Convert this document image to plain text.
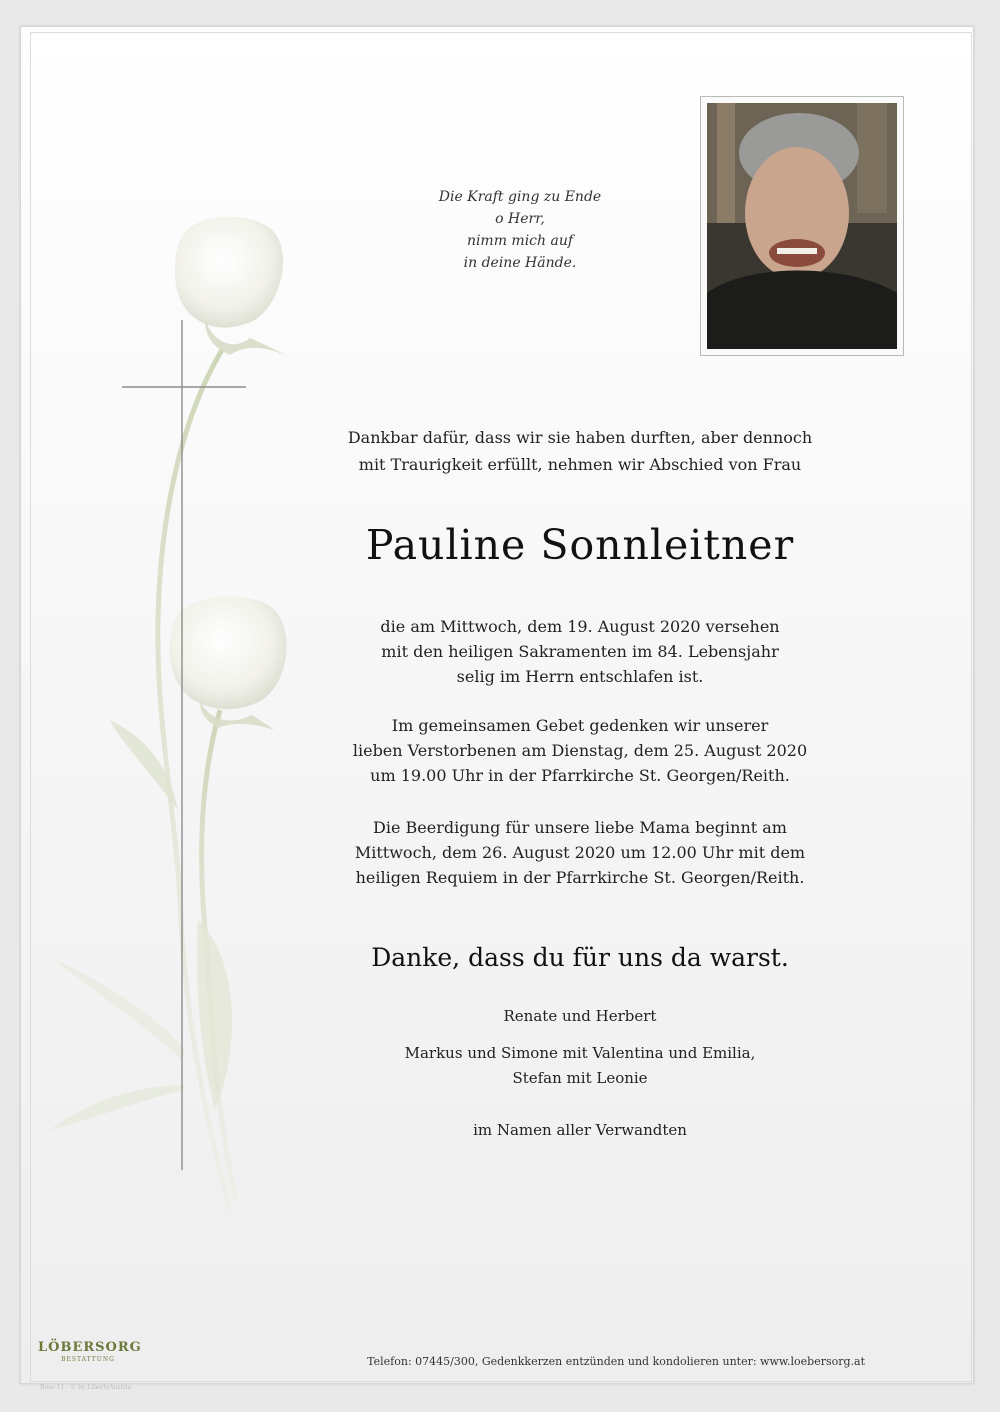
Die Kraft ging zu Ende
o Herr,
nimm mich auf
in deine Hände.
Dankbar dafür, dass wir sie haben durften, aber dennoch
mit Traurigkeit erfüllt, nehmen wir Abschied von Frau
Pauline Sonnleitner
die am Mittwoch, dem 19. August 2020 versehen
mit den heiligen Sakramenten im 84. Lebensjahr
selig im Herrn entschlafen ist.
Im gemeinsamen Gebet gedenken wir unserer
lieben Verstorbenen am Dienstag, dem 25. August 2020
um 19.00 Uhr in der Pfarrkirche St. Georgen/Reith.
Die Beerdigung für unsere liebe Mama beginnt am
Mittwoch, dem 26. August 2020 um 12.00 Uhr mit dem
heiligen Requiem in der Pfarrkirche St. Georgen/Reith.
Danke, dass du für uns da warst.
Renate und Herbert
Markus und Simone mit Valentina und Emilia,
Stefan mit Leonie
im Namen aller Verwandten
LÖBERSORG
BESTATTUNG	Telefon: 07445/300, Gedenkkerzen entzünden und kondolieren unter: www.loebersorg.at
Rose 11 - © by LibertyAustria
